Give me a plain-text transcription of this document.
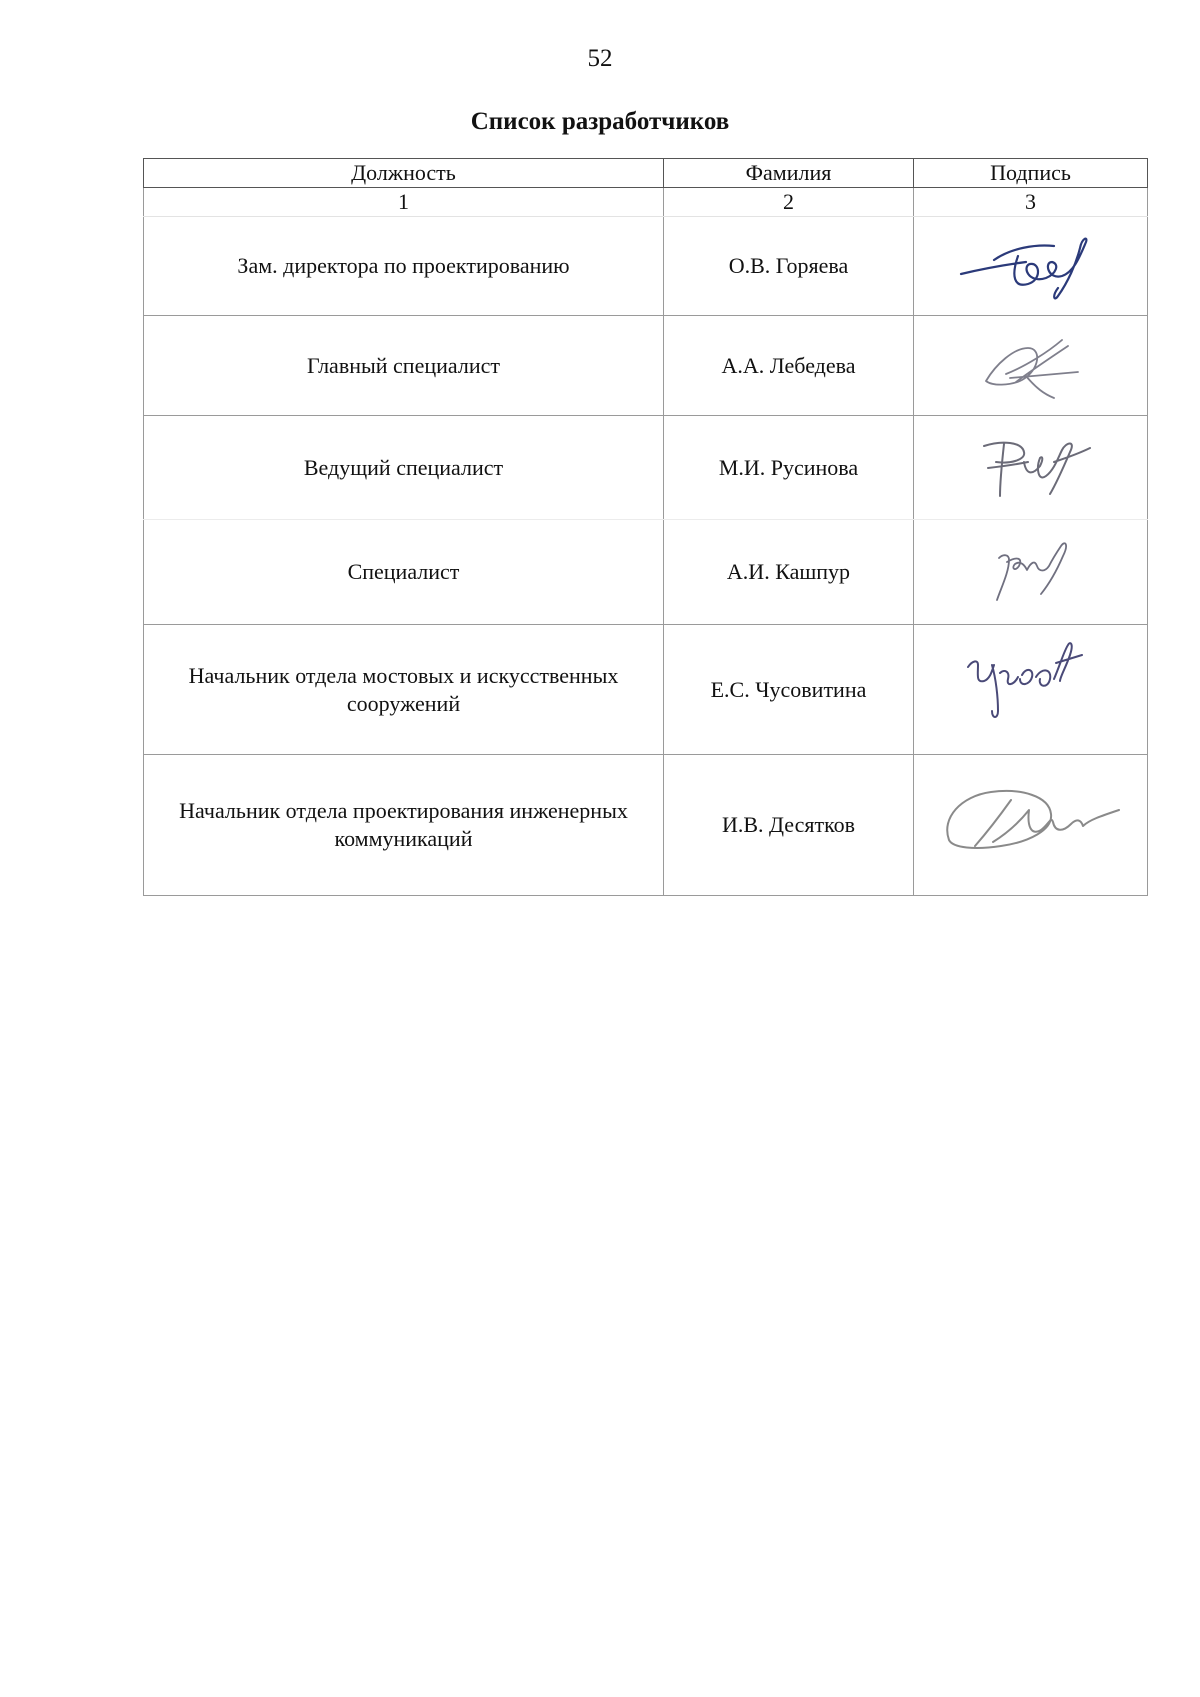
52
Список разработчиков
Должность	Фамилия	Подпись
1	2	3
Зам. директора по проектированию	О.В. Горяева	

Главный специалист	А.А. Лебедева	

Ведущий специалист	М.И. Русинова	

Специалист	А.И. Кашпур	

Начальник отдела мостовых и искусственных сооружений	Е.С. Чусовитина	

Начальник отдела проектирования инженерных коммуникаций	И.В. Десятков	
